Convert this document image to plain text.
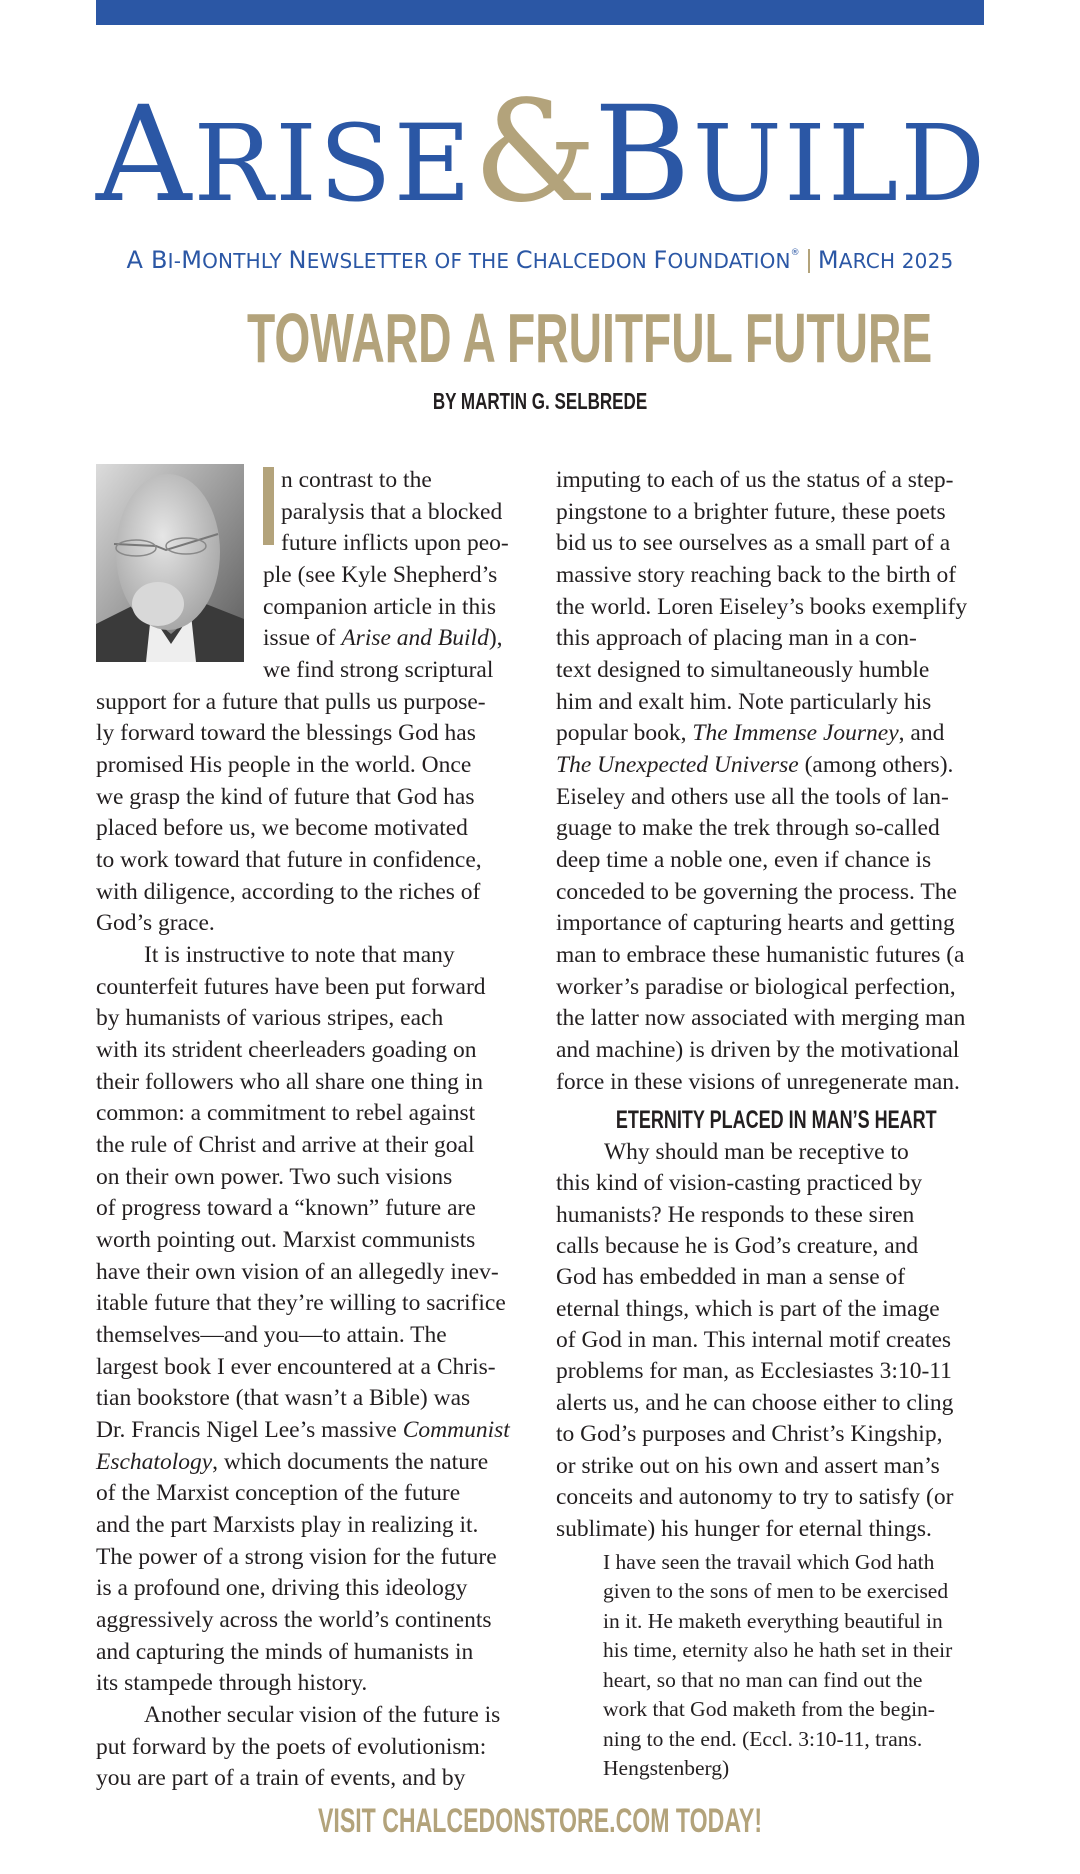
ARISE&BUILD
A BI-MONTHLY NEWSLETTER OF THE CHALCEDON FOUNDATION® MARCH 2025
TOWARD A FRUITFUL FUTURE
BY MARTIN G. SELBREDE
n contrast to the
paralysis that a blocked
future inflicts upon peo-
ple (see Kyle Shepherd’s
companion article in this
issue of Arise and Build),
we find strong scriptural
support for a future that pulls us purpose-
ly forward toward the blessings God has
promised His people in the world. Once
we grasp the kind of future that God has
placed before us, we become motivated
to work toward that future in confidence,
with diligence, according to the riches of
God’s grace.
It is instructive to note that many
counterfeit futures have been put forward
by humanists of various stripes, each
with its strident cheerleaders goading on
their followers who all share one thing in
common: a commitment to rebel against
the rule of Christ and arrive at their goal
on their own power. Two such visions
of progress toward a “known” future are
worth pointing out. Marxist communists
have their own vision of an allegedly inev-
itable future that they’re willing to sacrifice
themselves—and you—to attain. The
largest book I ever encountered at a Chris-
tian bookstore (that wasn’t a Bible) was
Dr. Francis Nigel Lee’s massive Communist
Eschatology, which documents the nature
of the Marxist conception of the future
and the part Marxists play in realizing it.
The power of a strong vision for the future
is a profound one, driving this ideology
aggressively across the world’s continents
and capturing the minds of humanists in
its stampede through history.
Another secular vision of the future is
put forward by the poets of evolutionism:
you are part of a train of events, and by
imputing to each of us the status of a step-
pingstone to a brighter future, these poets
bid us to see ourselves as a small part of a
massive story reaching back to the birth of
the world. Loren Eiseley’s books exemplify
this approach of placing man in a con-
text designed to simultaneously humble
him and exalt him. Note particularly his
popular book, The Immense Journey, and
The Unexpected Universe (among others).
Eiseley and others use all the tools of lan-
guage to make the trek through so-called
deep time a noble one, even if chance is
conceded to be governing the process. The
importance of capturing hearts and getting
man to embrace these humanistic futures (a
worker’s paradise or biological perfection,
the latter now associated with merging man
and machine) is driven by the motivational
force in these visions of unregenerate man.
ETERNITY PLACED IN MAN’S HEART
Why should man be receptive to
this kind of vision-casting practiced by
humanists? He responds to these siren
calls because he is God’s creature, and
God has embedded in man a sense of
eternal things, which is part of the image
of God in man. This internal motif creates
problems for man, as Ecclesiastes 3:10-11
alerts us, and he can choose either to cling
to God’s purposes and Christ’s Kingship,
or strike out on his own and assert man’s
conceits and autonomy to try to satisfy (or
sublimate) his hunger for eternal things.
I have seen the travail which God hath
given to the sons of men to be exercised
in it. He maketh everything beautiful in
his time, eternity also he hath set in their
heart, so that no man can find out the
work that God maketh from the begin-
ning to the end. (Eccl. 3:10-11, trans.
Hengstenberg)
VISIT CHALCEDONSTORE.COM TODAY!
